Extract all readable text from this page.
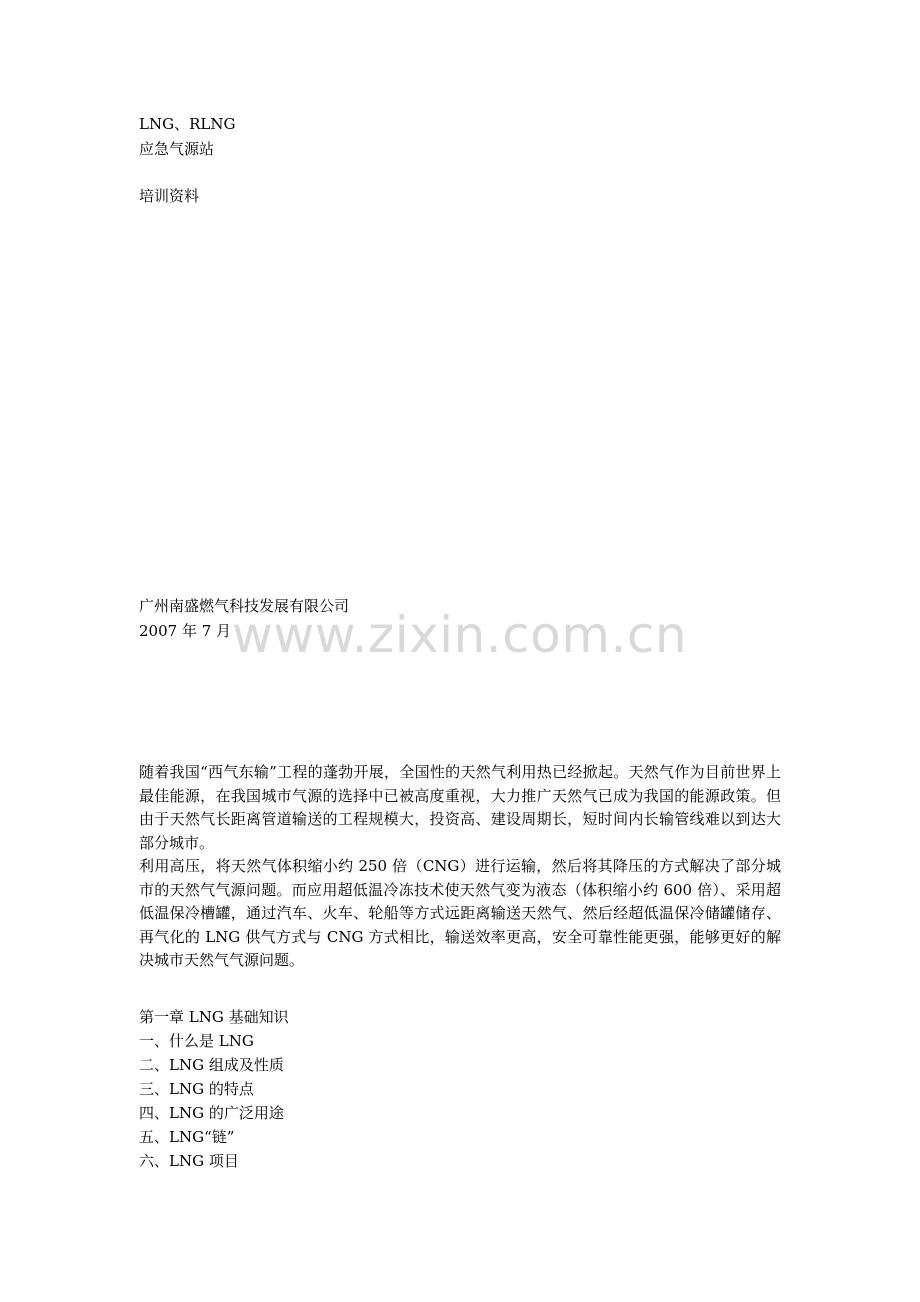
LNG、RLNG
应急气源站
培训资料
www.zixin.com.cn
广州南盛燃气科技发展有限公司
2007 年 7 月

随着我国“西气东输”工程的蓬勃开展，全国性的天然气利用热已经掀起。天然气作为目前世界上最佳能源，在我国城市气源的选择中已被高度重视，大力推广天然气已成为我国的能源政策。但由于天然气长距离管道输送的工程规模大，投资高、建设周期长，短时间内长输管线难以到达大部分城市。

利用高压，将天然气体积缩小约 250 倍（CNG）进行运输，然后将其降压的方式解决了部分城市的天然气气源问题。而应用超低温冷冻技术使天然气变为液态（体积缩小约 600 倍）、采用超低温保冷槽罐，通过汽车、火车、轮船等方式远距离输送天然气、然后经超低温保冷储罐储存、再气化的 LNG 供气方式与 CNG 方式相比，输送效率更高，安全可靠性能更强，能够更好的解决城市天然气气源问题。

第一章 LNG 基础知识
一、什么是 LNG
二、LNG 组成及性质
三、LNG 的特点
四、LNG 的广泛用途
五、LNG“链”
六、LNG 项目
